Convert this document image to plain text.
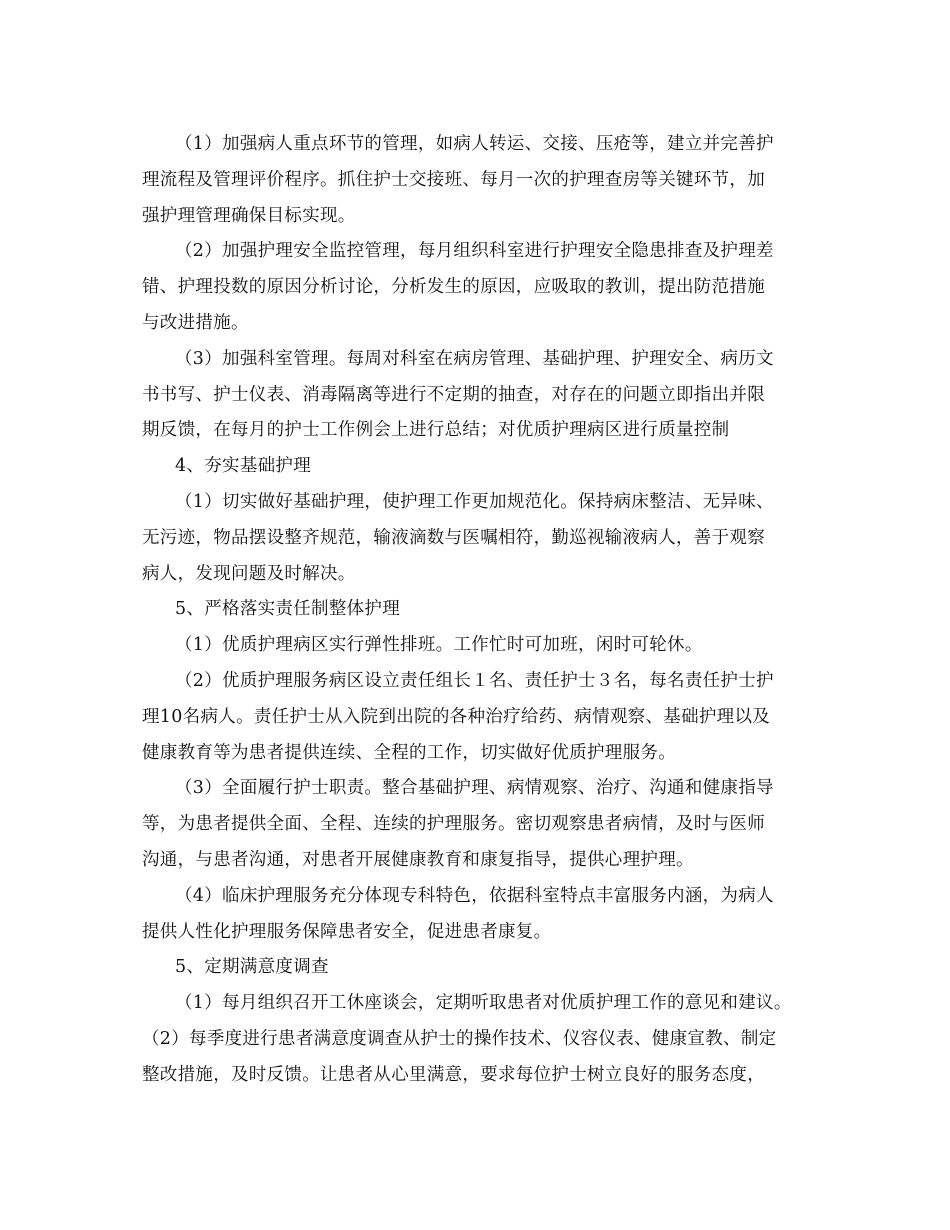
（1）加强病人重点环节的管理，如病人转运、交接、压疮等，建立并完善护
理流程及管理评价程序。抓住护士交接班、每月一次的护理查房等关键环节，加
强护理管理确保目标实现。
（2）加强护理安全监控管理，每月组织科室进行护理安全隐患排查及护理差
错、护理投数的原因分析讨论，分析发生的原因，应吸取的教训，提出防范措施
与改进措施。
（3）加强科室管理。每周对科室在病房管理、基础护理、护理安全、病历文
书书写、护士仪表、消毒隔离等进行不定期的抽查，对存在的问题立即指出并限
期反馈，在每月的护士工作例会上进行总结；对优质护理病区进行质量控制
4、夯实基础护理
（1）切实做好基础护理，使护理工作更加规范化。保持病床整洁、无异味、
无污迹，物品摆设整齐规范，输液滴数与医嘱相符，勤巡视输液病人，善于观察
病人，发现问题及时解决。
5、严格落实责任制整体护理
（1）优质护理病区实行弹性排班。工作忙时可加班，闲时可轮休。
（2）优质护理服务病区设立责任组长１名、责任护士３名，每名责任护士护
理10名病人。责任护士从入院到出院的各种治疗给药、病情观察、基础护理以及
健康教育等为患者提供连续、全程的工作，切实做好优质护理服务。
（3）全面履行护士职责。整合基础护理、病情观察、治疗、沟通和健康指导
等，为患者提供全面、全程、连续的护理服务。密切观察患者病情，及时与医师
沟通，与患者沟通，对患者开展健康教育和康复指导，提供心理护理。
（4）临床护理服务充分体现专科特色，依据科室特点丰富服务内涵，为病人
提供人性化护理服务保障患者安全，促进患者康复。
5、定期满意度调查
（1）每月组织召开工休座谈会，定期听取患者对优质护理工作的意见和建议。
（2）每季度进行患者满意度调查从护士的操作技术、仪容仪表、健康宣教、制定
整改措施，及时反馈。让患者从心里满意，要求每位护士树立良好的服务态度，
